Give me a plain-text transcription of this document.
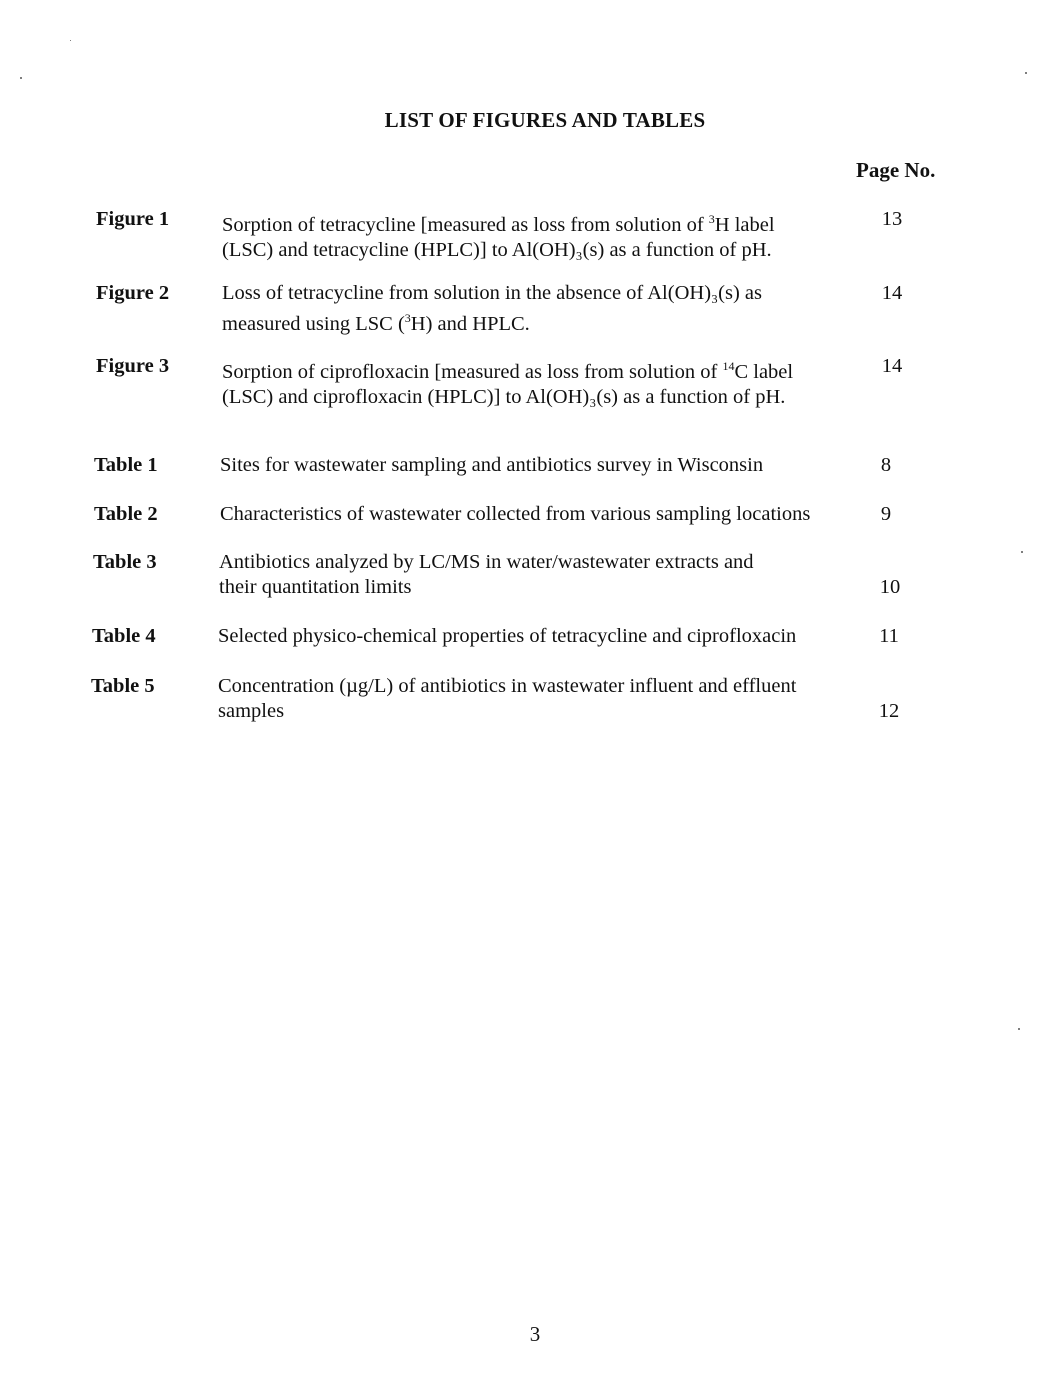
LIST OF FIGURES AND TABLES
Page No.
Figure 1	Sorption of tetracycline [measured as loss from solution of $^3$H label
(LSC) and tetracycline (HPLC)] to Al(OH)₃(s) as a function of pH.
13
Figure 2	Loss of tetracycline from solution in the absence of Al(OH)₃(s) as
measured using LSC ($^3$H) and HPLC.
14
Figure 3	Sorption of ciprofloxacin [measured as loss from solution of $^{14}$C label
(LSC) and ciprofloxacin (HPLC)] to Al(OH)₃(s) as a function of pH.
14
Table 1	Sites for wastewater sampling and antibiotics survey in Wisconsin	8
Table 2	Characteristics of wastewater collected from various sampling locations	9
Table 3	Antibiotics analyzed by LC/MS in water/wastewater extracts and
their quantitation limits	10
Table 4	Selected physico-chemical properties of tetracycline and ciprofloxacin	11
Table 5	Concentration (µg/L) of antibiotics in wastewater influent and effluent
samples	12
3
